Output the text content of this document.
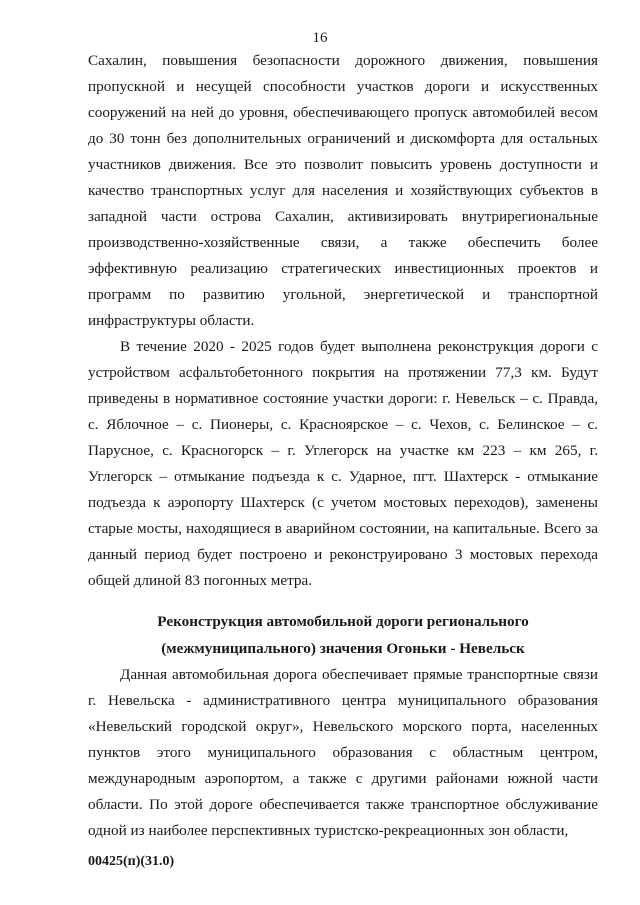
16

Сахалин, повышения безопасности дорожного движения, повышения пропускной и несущей способности участков дороги и искусственных сооружений на ней до уровня, обеспечивающего пропуск автомобилей весом до 30 тонн без дополнительных ограничений и дискомфорта для остальных участников движения. Все это позволит повысить уровень доступности и качество транспортных услуг для населения и хозяйствующих субъектов в западной части острова Сахалин, активизировать внутрирегиональные производственно-хозяйственные связи, а также обеспечить более эффективную реализацию стратегических инвестиционных проектов и программ по развитию угольной, энергетической и транспортной инфраструктуры области.

В течение 2020 - 2025 годов будет выполнена реконструкция дороги с устройством асфальтобетонного покрытия на протяжении 77,3 км. Будут приведены в нормативное состояние участки дороги: г. Невельск – с. Правда, с. Яблочное – с. Пионеры, с. Красноярское – с. Чехов, с. Белинское – с. Парусное, с. Красногорск – г. Углегорск на участке км 223 – км 265, г. Углегорск – отмыкание подъезда к с. Ударное, пгт. Шахтерск - отмыкание подъезда к аэропорту Шахтерск (с учетом мостовых переходов), заменены старые мосты, находящиеся в аварийном состоянии, на капитальные. Всего за данный период будет построено и реконструировано 3 мостовых перехода общей длиной 83 погонных метра.

Реконструкция автомобильной дороги регионального
(межмуниципального) значения Огоньки - Невельск

Данная автомобильная дорога обеспечивает прямые транспортные связи г. Невельска - административного центра муниципального образования «Невельский городской округ», Невельского морского порта, населенных пунктов этого муниципального образования с областным центром, международным аэропортом, а также с другими районами южной части области. По этой дороге обеспечивается также транспортное обслуживание одной из наиболее перспективных туристско-рекреационных зон области,

00425(п)(31.0)
